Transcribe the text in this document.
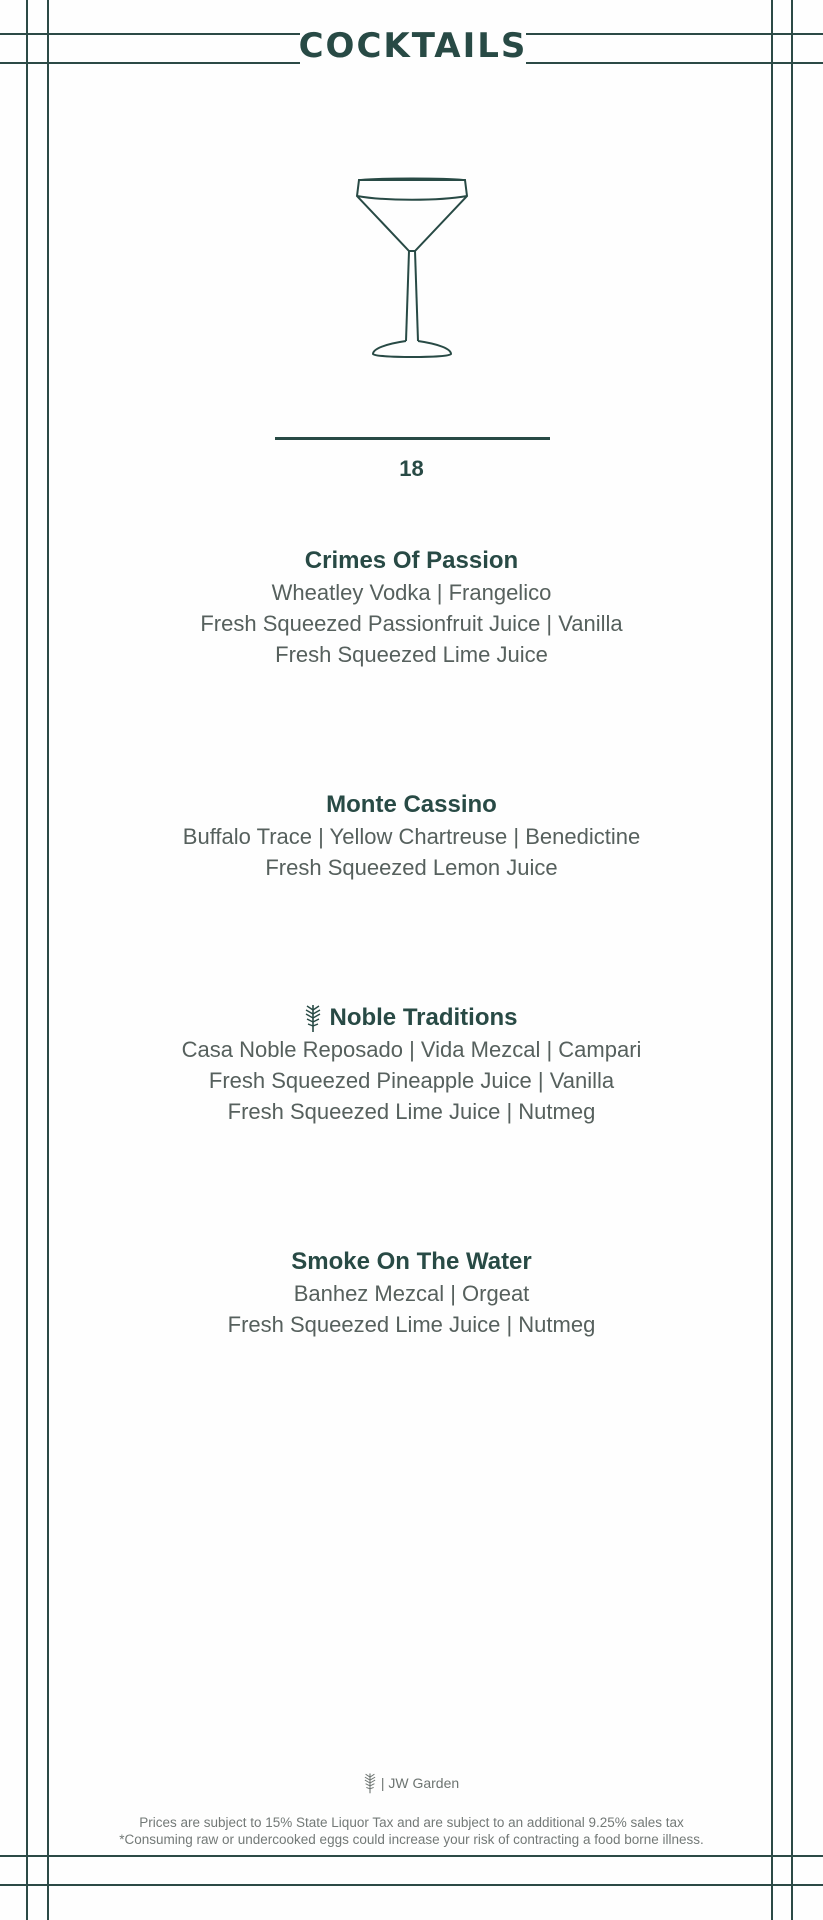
COCKTAILS
18
Crimes Of Passion
Wheatley Vodka | Frangelico
Fresh Squeezed Passionfruit Juice | Vanilla
Fresh Squeezed Lime Juice
Monte Cassino
Buffalo Trace | Yellow Chartreuse | Benedictine
Fresh Squeezed Lemon Juice
Noble Traditions
Casa Noble Reposado | Vida Mezcal | Campari
Fresh Squeezed Pineapple Juice | Vanilla
Fresh Squeezed Lime Juice | Nutmeg
Smoke On The Water
Banhez Mezcal | Orgeat
Fresh Squeezed Lime Juice | Nutmeg
| JW Garden
Prices are subject to 15% State Liquor Tax and are subject to an additional 9.25% sales tax
*Consuming raw or undercooked eggs could increase your risk of contracting a food borne illness.
